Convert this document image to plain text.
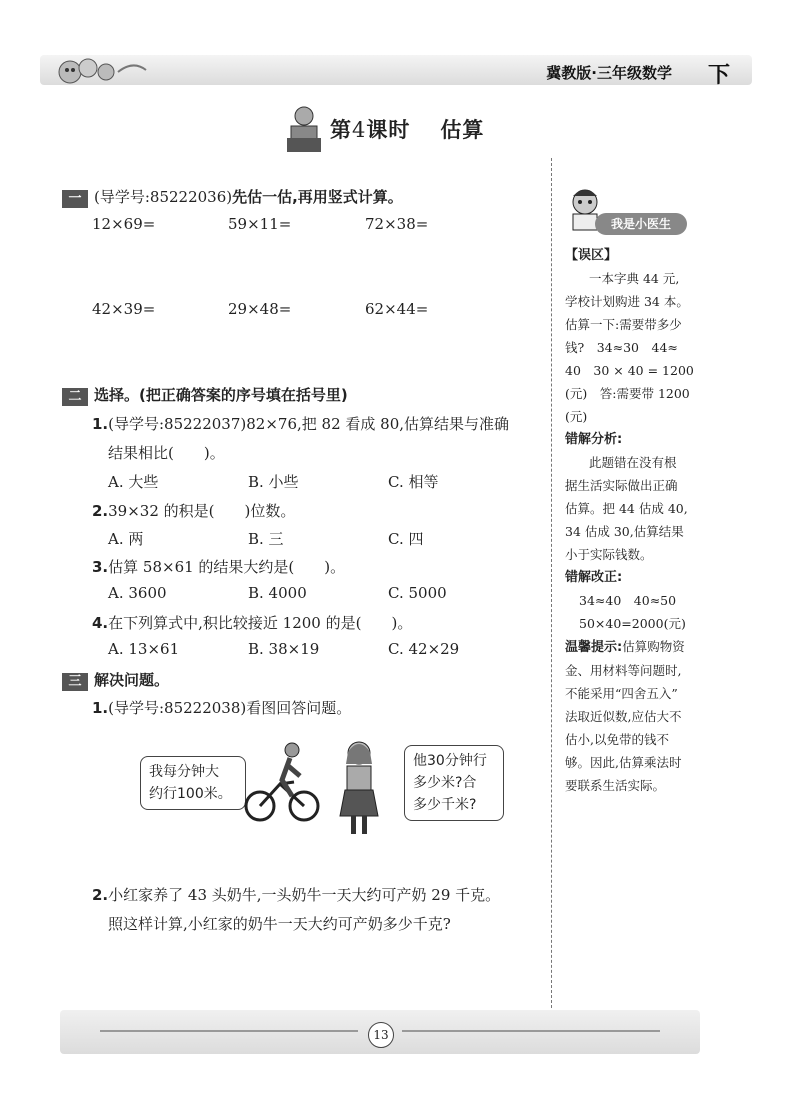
冀教版·三年级数学 下
第4课时 估算
一 (导学号:85222036)先估一估,再用竖式计算。
12×69=	59×11=	72×38=
42×39=	29×48=	62×44=
二 选择。(把正确答案的序号填在括号里)
1.(导学号:85222037)82×76,把 82 看成 80,估算结果与准确
结果相比(　　)。
A. 大些	B. 小些	C. 相等
2.39×32 的积是(　　)位数。
A. 两	B. 三	C. 四
3.估算 58×61 的结果大约是(　　)。
A. 3600	B. 4000	C. 5000
4.在下列算式中,积比较接近 1200 的是(　　)。
A. 13×61	B. 38×19	C. 42×29
三 解决问题。
1.(导学号:85222038)看图回答问题。
我每分钟大
约行100米。
他30分钟行
多少米?合
多少千米?
2.小红家养了 43 头奶牛,一头奶牛一天大约可产奶 29 千克。
照这样计算,小红家的奶牛一天大约可产奶多少千克?
我是小医生
【误区】
一本字典 44 元,
学校计划购进 34 本。
估算一下:需要带多少
钱?　34≈30　44≈
40　30 × 40 = 1200
(元)　答:需要带 1200
(元)
错解分析:
此题错在没有根
据生活实际做出正确
估算。把 44 估成 40,
34 估成 30,估算结果
小于实际钱数。
错解改正:
34≈40　40≈50
50×40=2000(元)
温馨提示:估算购物资
金、用材料等问题时,
不能采用“四舍五入”
法取近似数,应估大不
估小,以免带的钱不
够。因此,估算乘法时
要联系生活实际。
13
